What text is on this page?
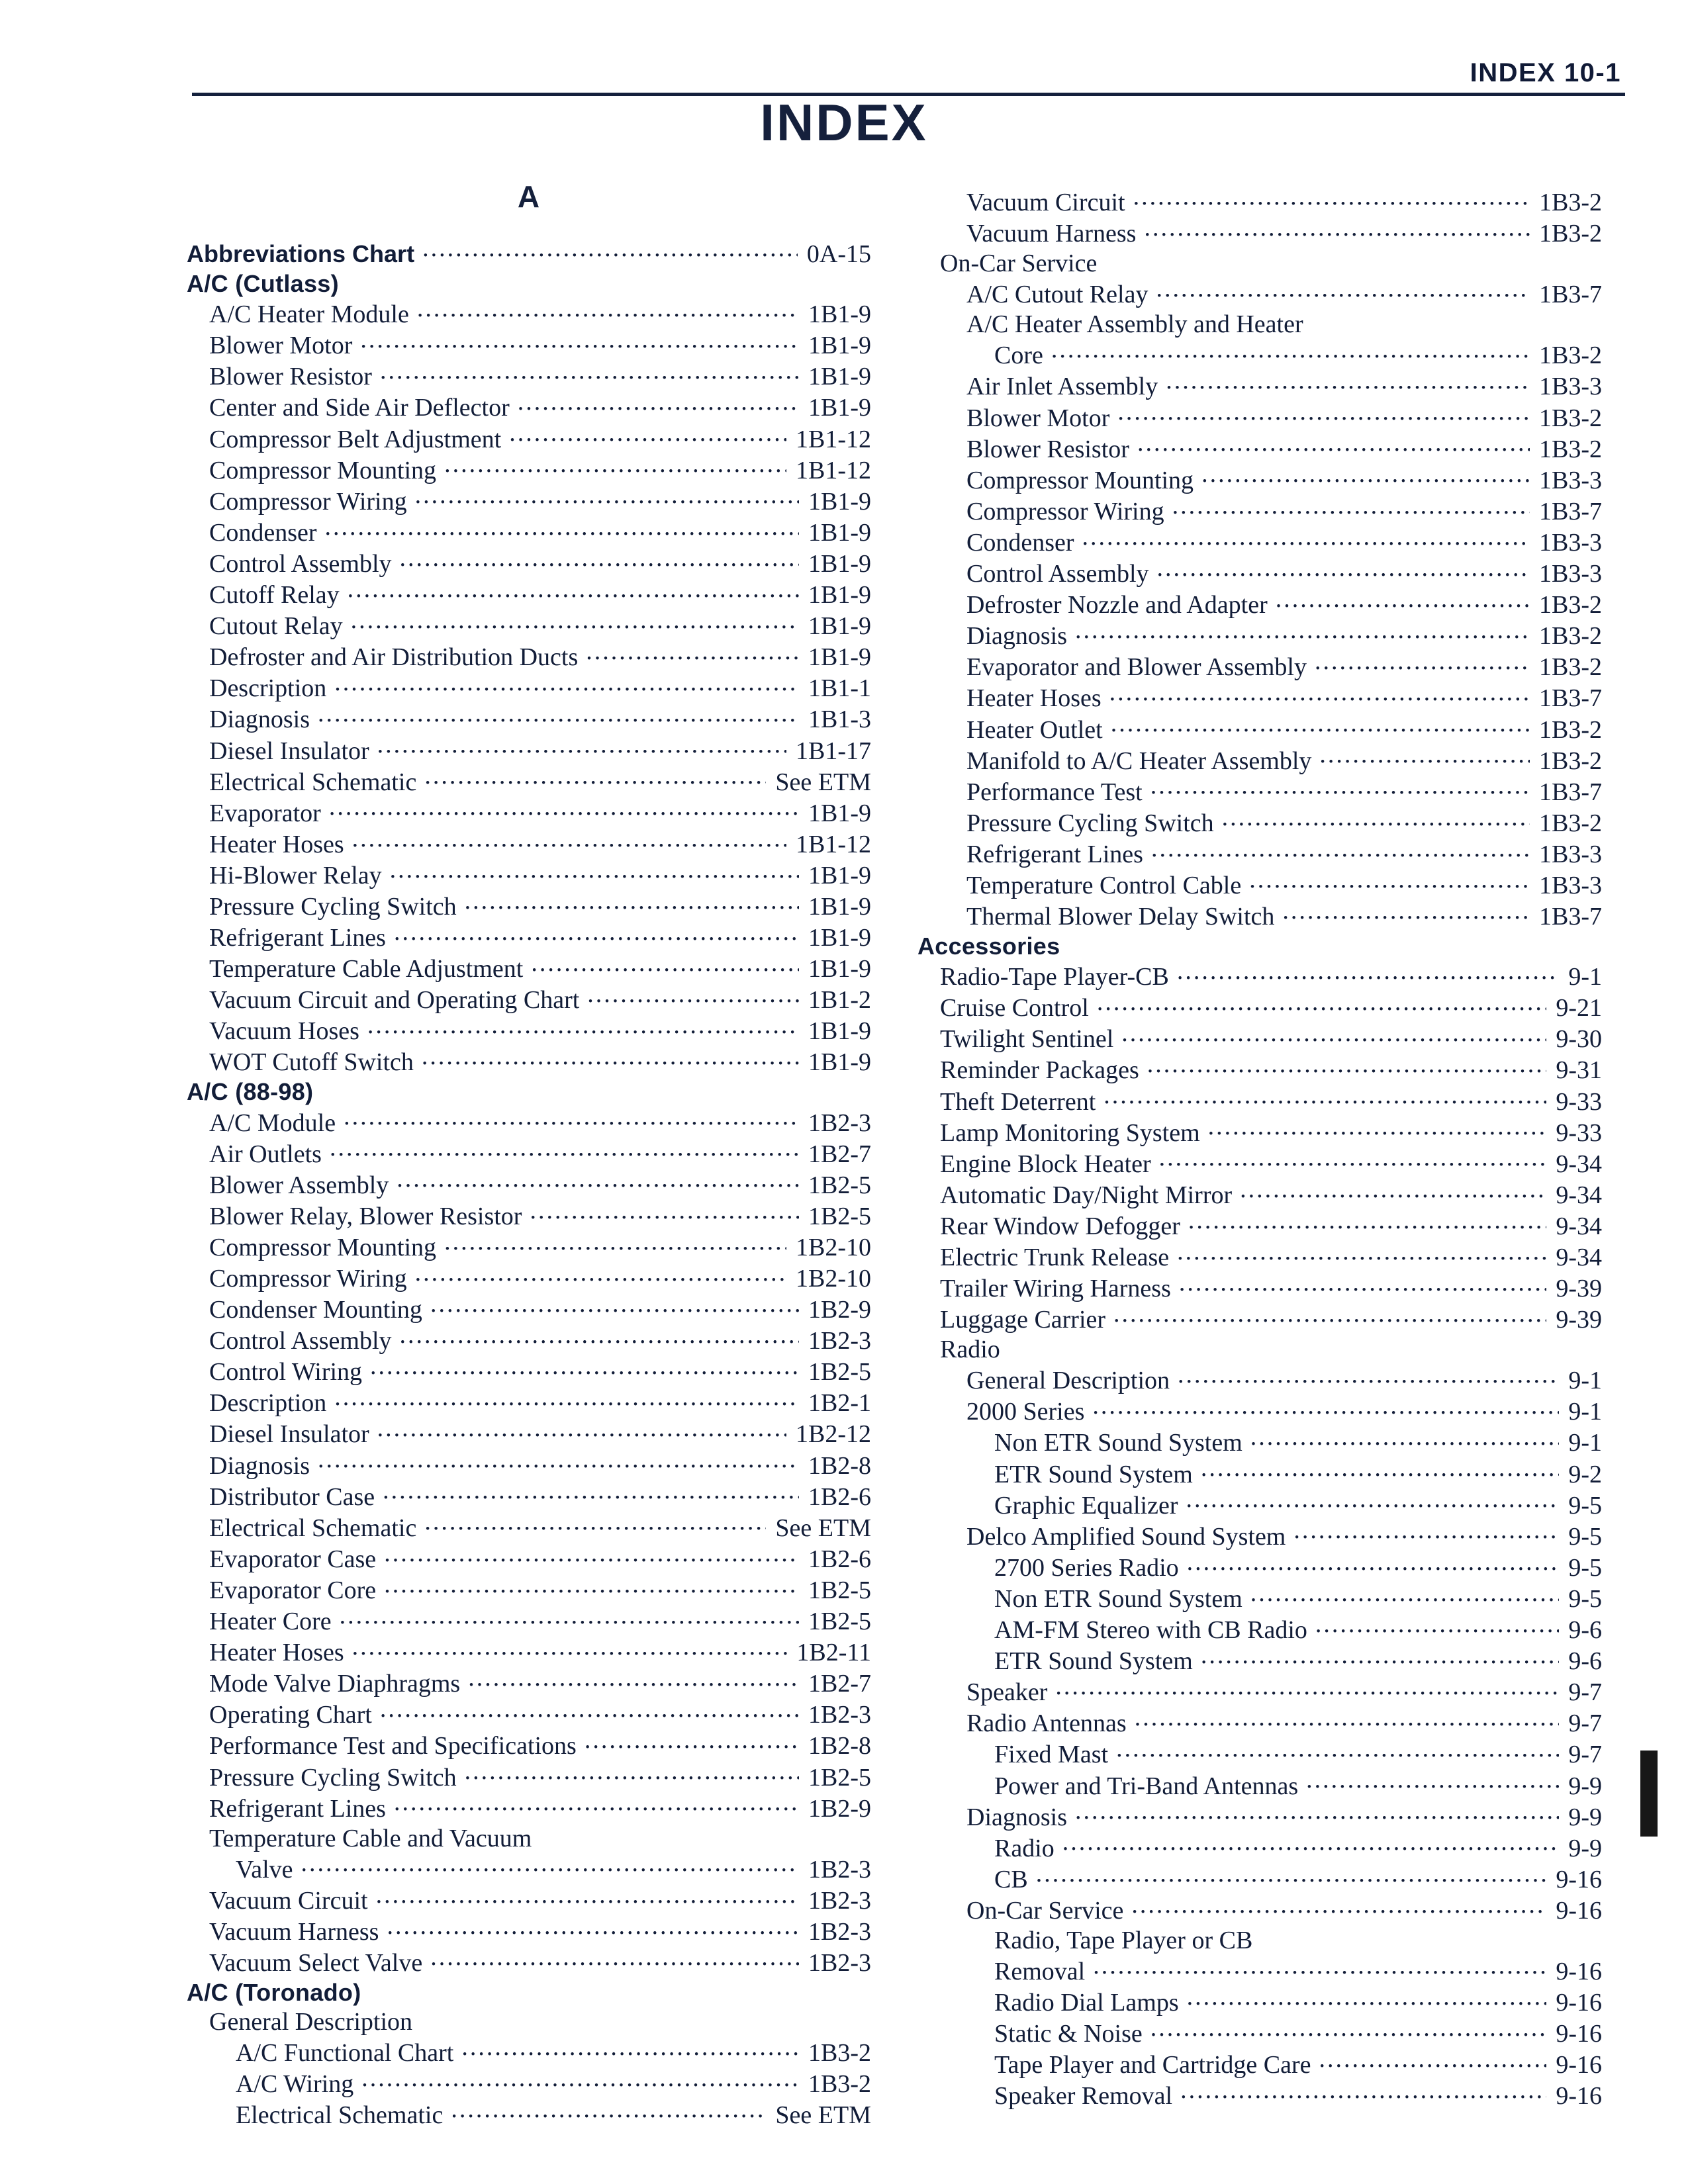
INDEX 10-1
INDEX
A
Abbreviations Chart .....	0A-15
A/C (Cutlass)
A/C Heater Module .....	1B1-9
Blower Motor .....	1B1-9
Blower Resistor .....	1B1-9
Center and Side Air Deflector .....	1B1-9
Compressor Belt Adjustment .....	1B1-12
Compressor Mounting .....	1B1-12
Compressor Wiring .....	1B1-9
Condenser .....	1B1-9
Control Assembly .....	1B1-9
Cutoff Relay .....	1B1-9
Cutout Relay .....	1B1-9
Defroster and Air Distribution Ducts .....	1B1-9
Description .....	1B1-1
Diagnosis .....	1B1-3
Diesel Insulator .....	1B1-17
Electrical Schematic .....	See ETM
Evaporator .....	1B1-9
Heater Hoses .....	1B1-12
Hi-Blower Relay .....	1B1-9
Pressure Cycling Switch .....	1B1-9
Refrigerant Lines .....	1B1-9
Temperature Cable Adjustment .....	1B1-9
Vacuum Circuit and Operating Chart .....	1B1-2
Vacuum Hoses .....	1B1-9
WOT Cutoff Switch .....	1B1-9
A/C (88-98)
A/C Module .....	1B2-3
Air Outlets .....	1B2-7
Blower Assembly .....	1B2-5
Blower Relay, Blower Resistor .....	1B2-5
Compressor Mounting .....	1B2-10
Compressor Wiring .....	1B2-10
Condenser Mounting .....	1B2-9
Control Assembly .....	1B2-3
Control Wiring .....	1B2-5
Description .....	1B2-1
Diesel Insulator .....	1B2-12
Diagnosis .....	1B2-8
Distributor Case .....	1B2-6
Electrical Schematic .....	See ETM
Evaporator Case .....	1B2-6
Evaporator Core .....	1B2-5
Heater Core .....	1B2-5
Heater Hoses .....	1B2-11
Mode Valve Diaphragms .....	1B2-7
Operating Chart .....	1B2-3
Performance Test and Specifications .....	1B2-8
Pressure Cycling Switch .....	1B2-5
Refrigerant Lines .....	1B2-9
Temperature Cable and Vacuum
Valve .....	1B2-3
Vacuum Circuit .....	1B2-3
Vacuum Harness .....	1B2-3
Vacuum Select Valve .....	1B2-3
A/C (Toronado)
General Description
A/C Functional Chart .....	1B3-2
A/C Wiring .....	1B3-2
Electrical Schematic .....	See ETM
Vacuum Circuit .....	1B3-2
Vacuum Harness .....	1B3-2
On-Car Service
A/C Cutout Relay .....	1B3-7
A/C Heater Assembly and Heater
Core .....	1B3-2
Air Inlet Assembly .....	1B3-3
Blower Motor .....	1B3-2
Blower Resistor .....	1B3-2
Compressor Mounting .....	1B3-3
Compressor Wiring .....	1B3-7
Condenser .....	1B3-3
Control Assembly .....	1B3-3
Defroster Nozzle and Adapter .....	1B3-2
Diagnosis .....	1B3-2
Evaporator and Blower Assembly .....	1B3-2
Heater Hoses .....	1B3-7
Heater Outlet .....	1B3-2
Manifold to A/C Heater Assembly .....	1B3-2
Performance Test .....	1B3-7
Pressure Cycling Switch .....	1B3-2
Refrigerant Lines .....	1B3-3
Temperature Control Cable .....	1B3-3
Thermal Blower Delay Switch .....	1B3-7
Accessories
Radio-Tape Player-CB .....	9-1
Cruise Control .....	9-21
Twilight Sentinel .....	9-30
Reminder Packages .....	9-31
Theft Deterrent .....	9-33
Lamp Monitoring System .....	9-33
Engine Block Heater .....	9-34
Automatic Day/Night Mirror .....	9-34
Rear Window Defogger .....	9-34
Electric Trunk Release .....	9-34
Trailer Wiring Harness .....	9-39
Luggage Carrier .....	9-39
Radio
General Description .....	9-1
2000 Series .....	9-1
Non ETR Sound System .....	9-1
ETR Sound System .....	9-2
Graphic Equalizer .....	9-5
Delco Amplified Sound System .....	9-5
2700 Series Radio .....	9-5
Non ETR Sound System .....	9-5
AM-FM Stereo with CB Radio .....	9-6
ETR Sound System .....	9-6
Speaker .....	9-7
Radio Antennas .....	9-7
Fixed Mast .....	9-7
Power and Tri-Band Antennas .....	9-9
Diagnosis .....	9-9
Radio .....	9-9
CB .....	9-16
On-Car Service .....	9-16
Radio, Tape Player or CB
Removal .....	9-16
Radio Dial Lamps .....	9-16
Static & Noise .....	9-16
Tape Player and Cartridge Care .....	9-16
Speaker Removal .....	9-16
